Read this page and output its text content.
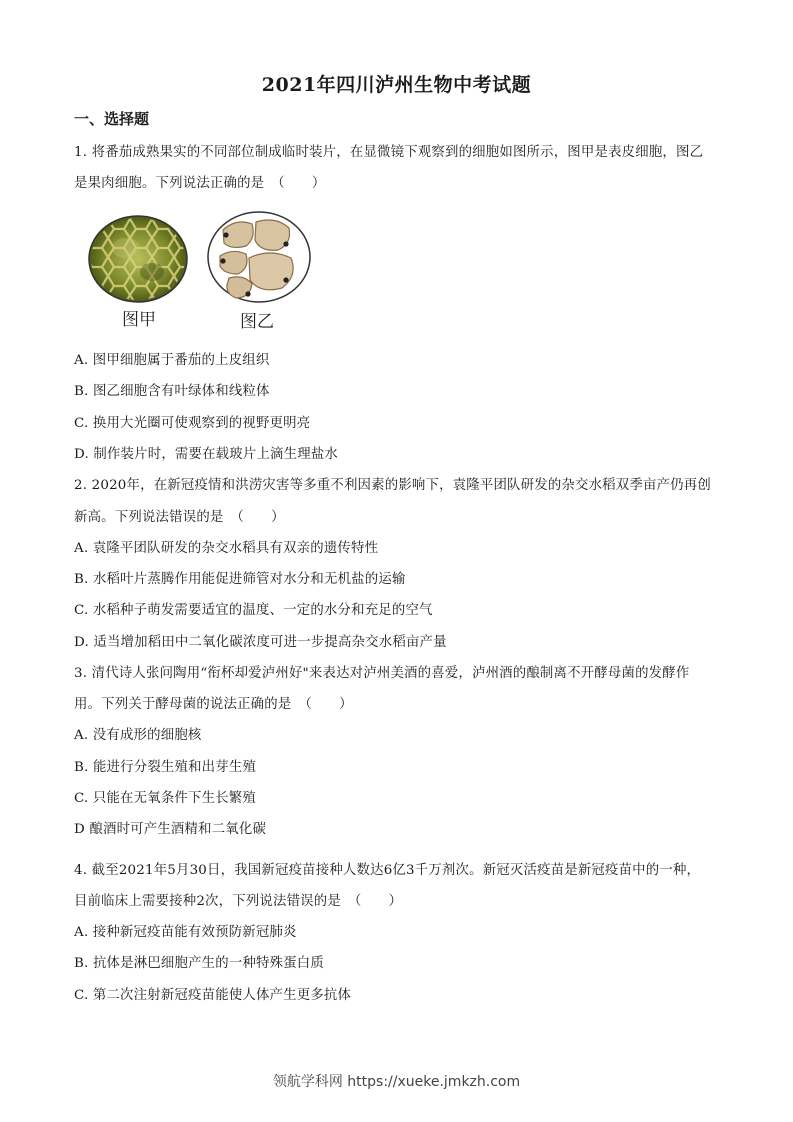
2021年四川泸州生物中考试题
一、选择题
1. 将番茄成熟果实的不同部位制成临时装片，在显微镜下观察到的细胞如图所示，图甲是表皮细胞，图乙
是果肉细胞。下列说法正确的是　（　　）
图甲	图乙
A. 图甲细胞属于番茄的上皮组织
B. 图乙细胞含有叶绿体和线粒体
C. 换用大光圈可使观察到的视野更明亮
D. 制作装片时，需要在载玻片上滴生理盐水
2. 2020年，在新冠疫情和洪涝灾害等多重不利因素的影响下，袁隆平团队研发的杂交水稻双季亩产仍再创
新高。下列说法错误的是　（　　）
A. 袁隆平团队研发的杂交水稻具有双亲的遗传特性
B. 水稻叶片蒸腾作用能促进筛管对水分和无机盐的运输
C. 水稻种子萌发需要适宜的温度、一定的水分和充足的空气
D. 适当增加稻田中二氧化碳浓度可进一步提高杂交水稻亩产量
3. 清代诗人张问陶用“衔杯却爱泸州好"来表达对泸州美酒的喜爱，泸州酒的酿制离不开酵母菌的发酵作
用。下列关于酵母菌的说法正确的是　（　　）
A. 没有成形的细胞核
B. 能进行分裂生殖和出芽生殖
C. 只能在无氧条件下生长繁殖
D 酿酒时可产生酒精和二氧化碳
4. 截至2021年5月30日，我国新冠疫苗接种人数达6亿3千万剂次。新冠灭活疫苗是新冠疫苗中的一种，
目前临床上需要接种2次，下列说法错误的是　（　　）
A. 接种新冠疫苗能有效预防新冠肺炎
B. 抗体是淋巴细胞产生的一种特殊蛋白质
C. 第二次注射新冠疫苗能使人体产生更多抗体
领航学科网 https://xueke.jmkzh.com
